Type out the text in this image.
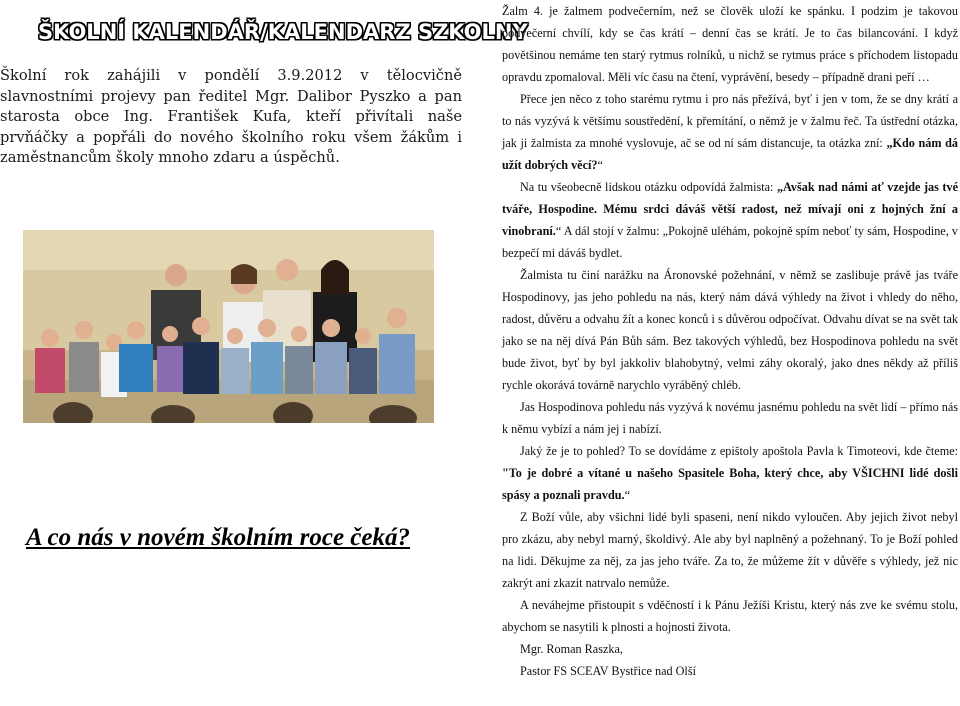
ŠKOLNÍ KALENDÁŘ/KALENDARZ SZKOLNY
Školní rok zahájili v pondělí 3.9.2012 v tělocvičně slavnostními projevy pan ředitel Mgr. Dalibor Pyszko a pan starosta obce Ing. František Kufa, kteří přivítali naše prvňáčky a popřáli do nového školního roku všem žákům i zaměstnancům školy mnoho zdaru a úspěchů.
A co nás v novém školním roce čeká?

Žalm 4. je žalmem podvečerním, než se člověk uloží ke spánku. I podzim je takovou podvečerní chvílí, kdy se čas krátí – denní čas se krátí. Je to čas bilancování. I když povětšinou nemáme ten starý rytmus rolníků, u nichž se rytmus práce s příchodem listopadu opravdu zpomaloval. Měli víc času na čtení, vyprávění, besedy – případně drani peří …

Přece jen něco z toho starému rytmu i pro nás přežívá, byť i jen v tom, že se dny krátí a to nás vyzývá k většímu soustředění, k přemítání, o němž je v žalmu řeč. Ta ústřední otázka, jak ji žalmista za mnohé vyslovuje, ač se od ní sám distancuje, ta otázka zní: „Kdo nám dá užít dobrých věcí?“

Na tu všeobecně lidskou otázku odpovídá žalmista: „Avšak nad námi ať vzejde jas tvé tváře, Hospodine. Mému srdci dáváš větší radost, než mívají oni z hojných žní a vinobraní.“ A dál stojí v žalmu: „Pokojně uléhám, pokojně spím neboť ty sám, Hospodine, v bezpečí mi dáváš bydlet.

Žalmista tu činí narážku na Áronovské požehnání, v němž se zaslibuje právě jas tváře Hospodinovy, jas jeho pohledu na nás, který nám dává výhledy na život i vhledy do něho, radost, důvěru a odvahu žít a konec konců i s důvěrou odpočívat. Odvahu dívat se na svět tak jako se na něj dívá Pán Bůh sám. Bez takových výhledů, bez Hospodinova pohledu na svět bude život, byť by byl jakkoliv blahobytný, velmi záhy okoralý, jako dnes někdy až příliš rychle okorává továrně narychlo vyráběný chléb.

Jas Hospodinova pohledu nás vyzývá k novému jasnému pohledu na svět lidí – přímo nás k němu vybízí a nám jej i nabízí.

Jaký že je to pohled? To se dovídáme z epištoly apoštola Pavla k Timoteovi, kde čteme: "To je dobré a vítané u našeho Spasitele Boha, který chce, aby VŠICHNI lidé došli spásy a poznali pravdu.“

Z Boží vůle, aby všichni lidé byli spaseni, není nikdo vyloučen. Aby jejich život nebyl pro zkázu, aby nebyl marný, školdivý. Ale aby byl naplněný a požehnaný. To je Boží pohled na lidi. Děkujme za něj, za jas jeho tváře. Za to, že můžeme žít v důvěře s výhledy, jež nic zakrýt ani zkazit natrvalo nemůže.

A neváhejme přistoupit s vděčností i k Pánu Ježíši Kristu, který nás zve ke svému stolu, abychom se nasytili k plnosti a hojnosti života.

Mgr. Roman Raszka,

Pastor FS SCEAV Bystřice nad Olší
